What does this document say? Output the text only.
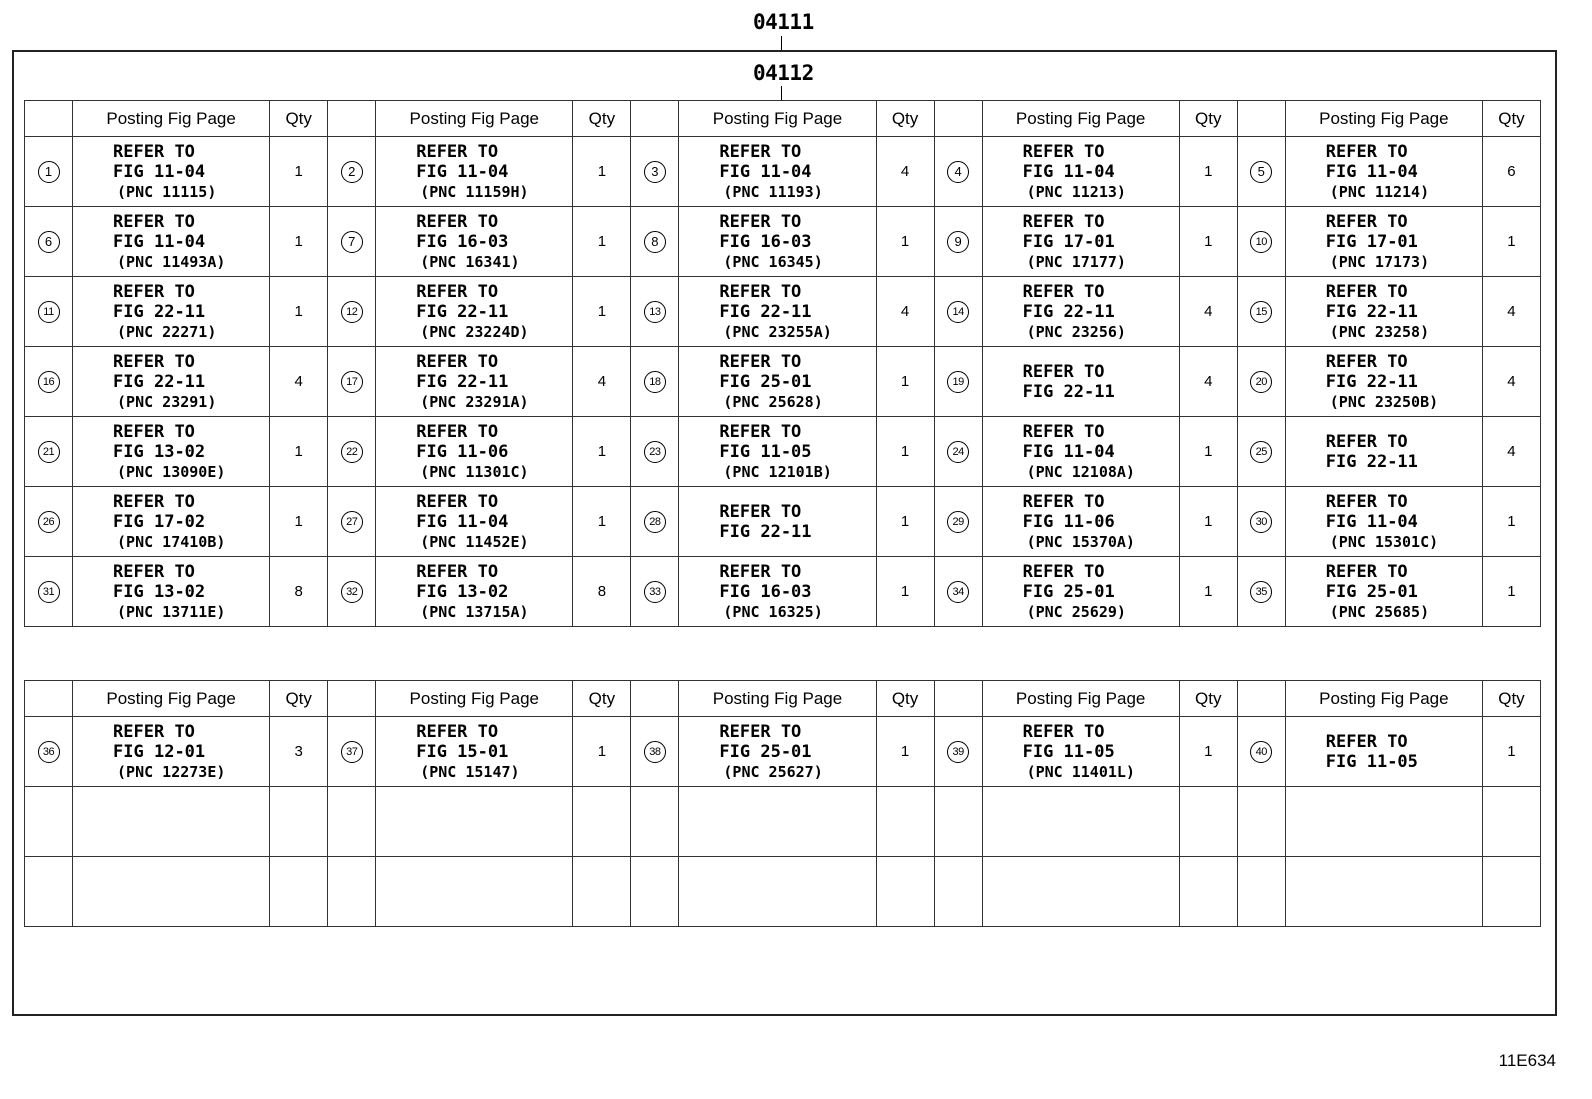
04111
04112
	Posting Fig Page	Qty		Posting Fig Page	Qty		Posting Fig Page	Qty		Posting Fig Page	Qty		Posting Fig Page	Qty
1	REFER TO
FIG 11-04
(PNC 11115)	1	2	REFER TO
FIG 11-04
(PNC 11159H)	1	3	REFER TO
FIG 11-04
(PNC 11193)	4	4	REFER TO
FIG 11-04
(PNC 11213)	1	5	REFER TO
FIG 11-04
(PNC 11214)	6
6	REFER TO
FIG 11-04
(PNC 11493A)	1	7	REFER TO
FIG 16-03
(PNC 16341)	1	8	REFER TO
FIG 16-03
(PNC 16345)	1	9	REFER TO
FIG 17-01
(PNC 17177)	1	10	REFER TO
FIG 17-01
(PNC 17173)	1
11	REFER TO
FIG 22-11
(PNC 22271)	1	12	REFER TO
FIG 22-11
(PNC 23224D)	1	13	REFER TO
FIG 22-11
(PNC 23255A)	4	14	REFER TO
FIG 22-11
(PNC 23256)	4	15	REFER TO
FIG 22-11
(PNC 23258)	4
16	REFER TO
FIG 22-11
(PNC 23291)	4	17	REFER TO
FIG 22-11
(PNC 23291A)	4	18	REFER TO
FIG 25-01
(PNC 25628)	1	19	REFER TO
FIG 22-11	4	20	REFER TO
FIG 22-11
(PNC 23250B)	4
21	REFER TO
FIG 13-02
(PNC 13090E)	1	22	REFER TO
FIG 11-06
(PNC 11301C)	1	23	REFER TO
FIG 11-05
(PNC 12101B)	1	24	REFER TO
FIG 11-04
(PNC 12108A)	1	25	REFER TO
FIG 22-11	4
26	REFER TO
FIG 17-02
(PNC 17410B)	1	27	REFER TO
FIG 11-04
(PNC 11452E)	1	28	REFER TO
FIG 22-11	1	29	REFER TO
FIG 11-06
(PNC 15370A)	1	30	REFER TO
FIG 11-04
(PNC 15301C)	1
31	REFER TO
FIG 13-02
(PNC 13711E)	8	32	REFER TO
FIG 13-02
(PNC 13715A)	8	33	REFER TO
FIG 16-03
(PNC 16325)	1	34	REFER TO
FIG 25-01
(PNC 25629)	1	35	REFER TO
FIG 25-01
(PNC 25685)	1
	Posting Fig Page	Qty		Posting Fig Page	Qty		Posting Fig Page	Qty		Posting Fig Page	Qty		Posting Fig Page	Qty
36	REFER TO
FIG 12-01
(PNC 12273E)	3	37	REFER TO
FIG 15-01
(PNC 15147)	1	38	REFER TO
FIG 25-01
(PNC 25627)	1	39	REFER TO
FIG 11-05
(PNC 11401L)	1	40	REFER TO
FIG 11-05	1

11E634
